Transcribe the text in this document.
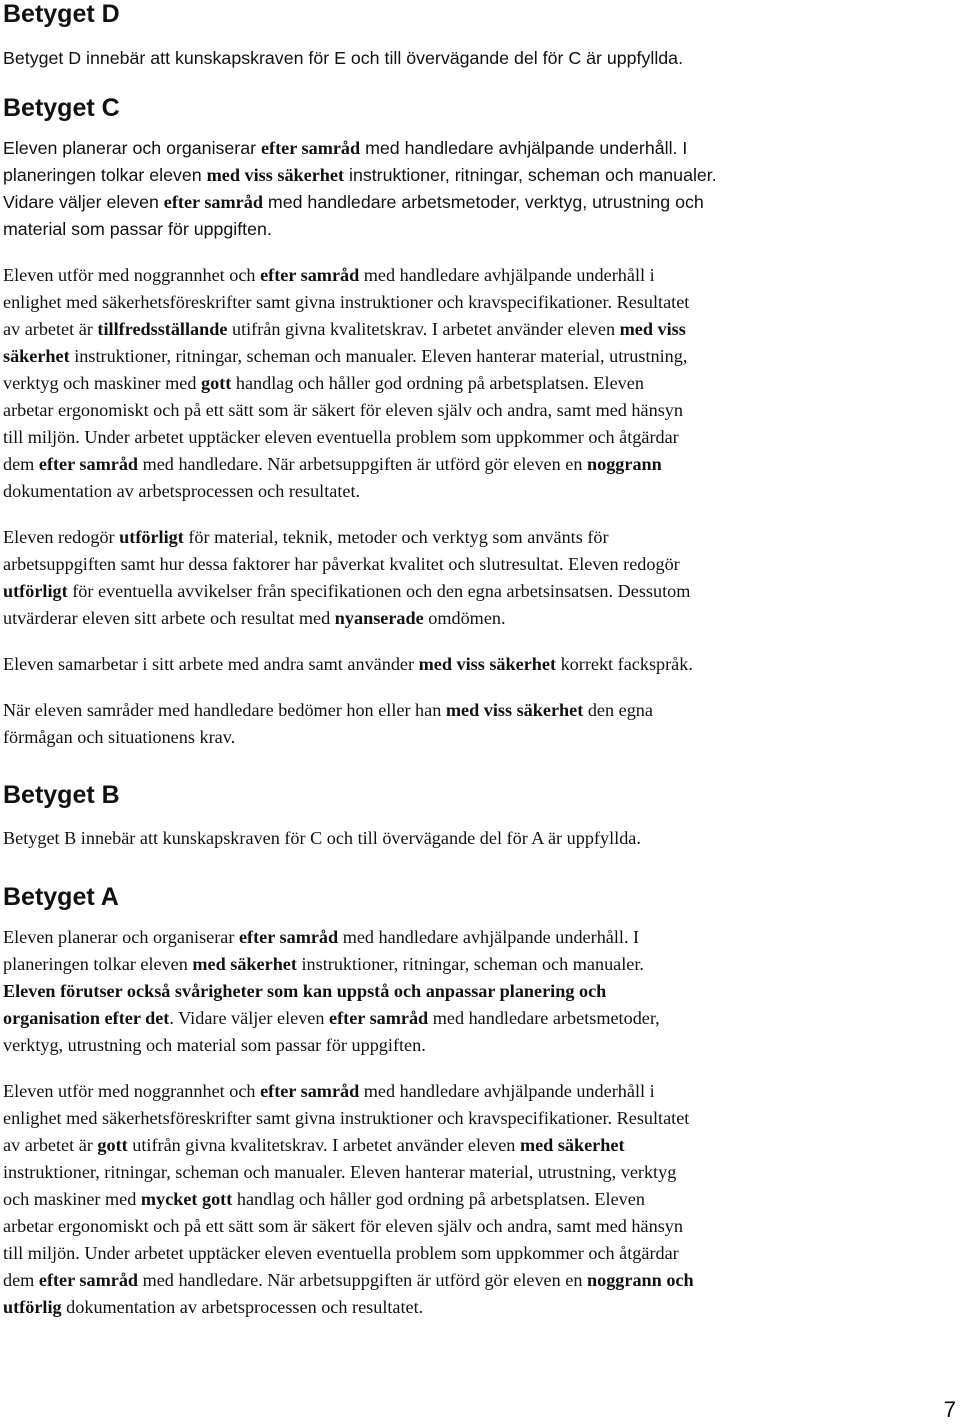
Betyget D

Betyget D innebär att kunskapskraven för E och till övervägande del för C är uppfyllda.

Betyget C

Eleven planerar och organiserar efter samråd med handledare avhjälpande underhåll. I
planeringen tolkar eleven med viss säkerhet instruktioner, ritningar, scheman och manualer.
Vidare väljer eleven efter samråd med handledare arbetsmetoder, verktyg, utrustning och
material som passar för uppgiften.

Eleven utför med noggrannhet och efter samråd med handledare avhjälpande underhåll i
enlighet med säkerhetsföreskrifter samt givna instruktioner och kravspecifikationer. Resultatet
av arbetet är tillfredsställande utifrån givna kvalitetskrav. I arbetet använder eleven med viss
säkerhet instruktioner, ritningar, scheman och manualer. Eleven hanterar material, utrustning,
verktyg och maskiner med gott handlag och håller god ordning på arbetsplatsen. Eleven
arbetar ergonomiskt och på ett sätt som är säkert för eleven själv och andra, samt med hänsyn
till miljön. Under arbetet upptäcker eleven eventuella problem som uppkommer och åtgärdar
dem efter samråd med handledare. När arbetsuppgiften är utförd gör eleven en noggrann
dokumentation av arbetsprocessen och resultatet.

Eleven redogör utförligt för material, teknik, metoder och verktyg som använts för
arbetsuppgiften samt hur dessa faktorer har påverkat kvalitet och slutresultat. Eleven redogör
utförligt för eventuella avvikelser från specifikationen och den egna arbetsinsatsen. Dessutom
utvärderar eleven sitt arbete och resultat med nyanserade omdömen.

Eleven samarbetar i sitt arbete med andra samt använder med viss säkerhet korrekt fackspråk.

När eleven samråder med handledare bedömer hon eller han med viss säkerhet den egna
förmågan och situationens krav.

Betyget B

Betyget B innebär att kunskapskraven för C och till övervägande del för A är uppfyllda.

Betyget A

Eleven planerar och organiserar efter samråd med handledare avhjälpande underhåll. I
planeringen tolkar eleven med säkerhet instruktioner, ritningar, scheman och manualer.
Eleven förutser också svårigheter som kan uppstå och anpassar planering och
organisation efter det. Vidare väljer eleven efter samråd med handledare arbetsmetoder,
verktyg, utrustning och material som passar för uppgiften.

Eleven utför med noggrannhet och efter samråd med handledare avhjälpande underhåll i
enlighet med säkerhetsföreskrifter samt givna instruktioner och kravspecifikationer. Resultatet
av arbetet är gott utifrån givna kvalitetskrav. I arbetet använder eleven med säkerhet
instruktioner, ritningar, scheman och manualer. Eleven hanterar material, utrustning, verktyg
och maskiner med mycket gott handlag och håller god ordning på arbetsplatsen. Eleven
arbetar ergonomiskt och på ett sätt som är säkert för eleven själv och andra, samt med hänsyn
till miljön. Under arbetet upptäcker eleven eventuella problem som uppkommer och åtgärdar
dem efter samråd med handledare. När arbetsuppgiften är utförd gör eleven en noggrann och
utförlig dokumentation av arbetsprocessen och resultatet.

7
